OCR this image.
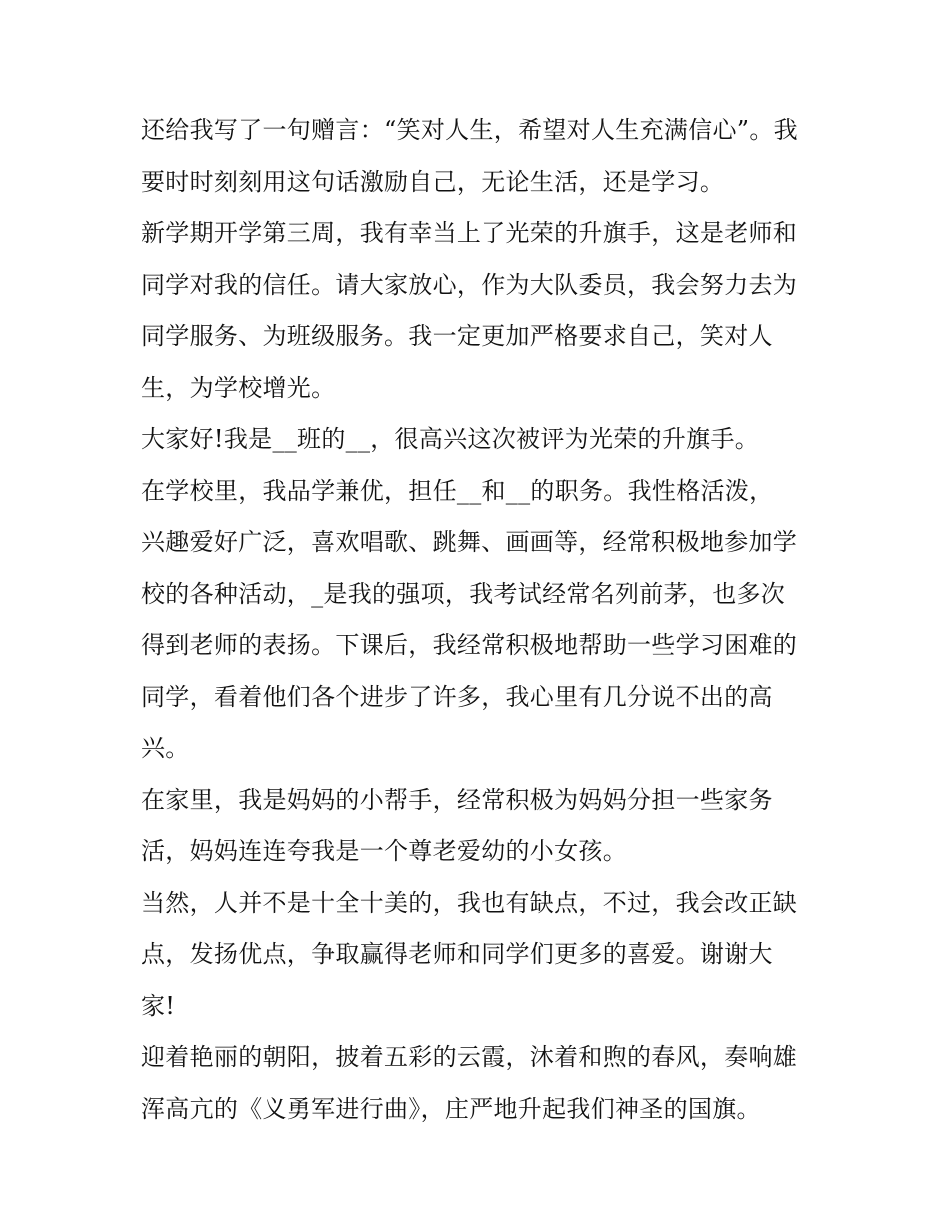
还给我写了一句赠言：“笑对人生，希望对人生充满信心”。我
要时时刻刻用这句话激励自己，无论生活，还是学习。
新学期开学第三周，我有幸当上了光荣的升旗手，这是老师和
同学对我的信任。请大家放心，作为大队委员，我会努力去为
同学服务、为班级服务。我一定更加严格要求自己，笑对人
生，为学校增光。
大家好!我是__班的__，很高兴这次被评为光荣的升旗手。
在学校里，我品学兼优，担任__和__的职务。我性格活泼，
兴趣爱好广泛，喜欢唱歌、跳舞、画画等，经常积极地参加学
校的各种活动，_是我的强项，我考试经常名列前茅，也多次
得到老师的表扬。下课后，我经常积极地帮助一些学习困难的
同学，看着他们各个进步了许多，我心里有几分说不出的高
兴。
在家里，我是妈妈的小帮手，经常积极为妈妈分担一些家务
活，妈妈连连夸我是一个尊老爱幼的小女孩。
当然，人并不是十全十美的，我也有缺点，不过，我会改正缺
点，发扬优点，争取赢得老师和同学们更多的喜爱。谢谢大
家!
迎着艳丽的朝阳，披着五彩的云霞，沐着和煦的春风，奏响雄
浑高亢的《义勇军进行曲》，庄严地升起我们神圣的国旗。
